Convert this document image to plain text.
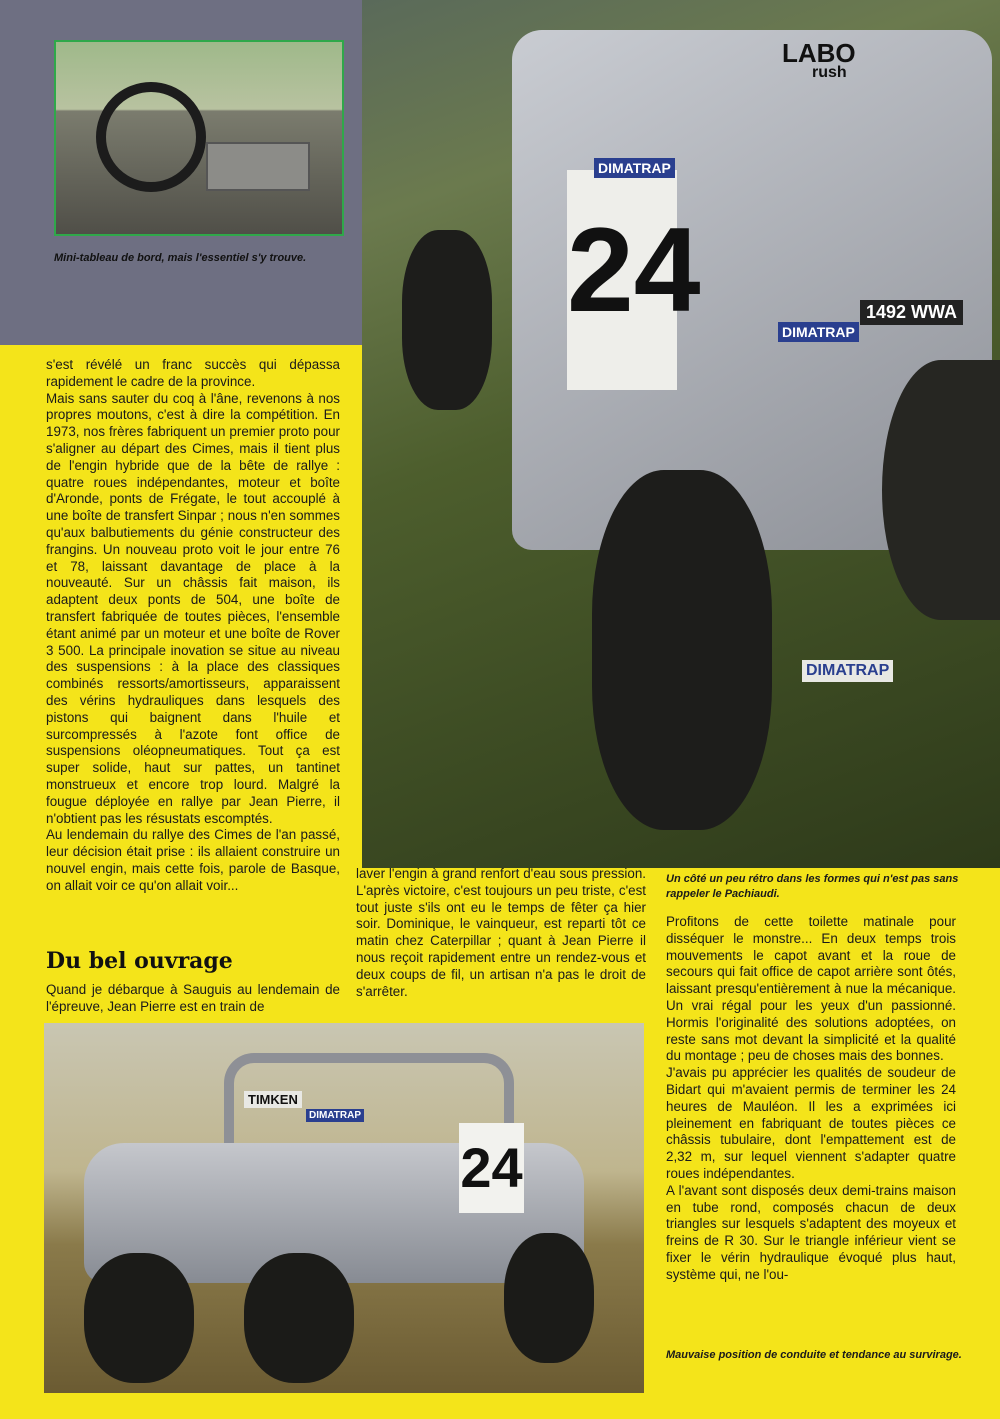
Mini-tableau de bord, mais l'essentiel s'y trouve.	24
LABO
rush
DIMATRAP
DIMATRAP
1492 WWA
DIMATRAP

s'est révélé un franc succès qui dépassa rapidement le cadre de la province.

Mais sans sauter du coq à l'âne, revenons à nos propres moutons, c'est à dire la compétition. En 1973, nos frères fabriquent un premier proto pour s'aligner au départ des Cimes, mais il tient plus de l'engin hybride que de la bête de rallye : quatre roues indépendantes, moteur et boîte d'Aronde, ponts de Frégate, le tout accouplé à une boîte de transfert Sinpar ; nous n'en sommes qu'aux balbutiements du génie constructeur des frangins. Un nouveau proto voit le jour entre 76 et 78, laissant davantage de place à la nouveauté. Sur un châssis fait maison, ils adaptent deux ponts de 504, une boîte de transfert fabriquée de toutes pièces, l'ensemble étant animé par un moteur et une boîte de Rover 3 500. La principale inovation se situe au niveau des suspensions : à la place des classiques combinés ressorts/amortisseurs, apparaissent des vérins hydrauliques dans lesquels des pistons qui baignent dans l'huile et surcompressés à l'azote font office de suspensions oléopneumatiques. Tout ça est super solide, haut sur pattes, un tantinet monstrueux et encore trop lourd. Malgré la fougue déployée en rallye par Jean Pierre, il n'obtient pas les résustats escomptés.

Au lendemain du rallye des Cimes de l'an passé, leur décision était prise : ils allaient construire un nouvel engin, mais cette fois, parole de Basque, on allait voir ce qu'on allait voir...

Du bel ouvrage
Quand je débarque à Sauguis au lendemain de l'épreuve, Jean Pierre est en train de
laver l'engin à grand renfort d'eau sous pression. L'après victoire, c'est toujours un peu triste, c'est tout juste s'ils ont eu le temps de fêter ça hier soir. Dominique, le vainqueur, est reparti tôt ce matin chez Caterpillar ; quant à Jean Pierre il nous reçoit rapidement entre un rendez-vous et deux coups de fil, un artisan n'a pas le droit de s'arrêter.
Un côté un peu rétro dans les formes qui n'est pas sans rappeler le Pachiaudi.

Profitons de cette toilette matinale pour disséquer le monstre... En deux temps trois mouvements le capot avant et la roue de secours qui fait office de capot arrière sont ôtés, laissant presqu'entièrement à nue la mécanique. Un vrai régal pour les yeux d'un passionné. Hormis l'originalité des solutions adoptées, on reste sans mot devant la simplicité et la qualité du montage ; peu de choses mais des bonnes.

J'avais pu apprécier les qualités de soudeur de Bidart qui m'avaient permis de terminer les 24 heures de Mauléon. Il les a exprimées ici pleinement en fabriquant de toutes pièces ce châssis tubulaire, dont l'empattement est de 2,32 m, sur lequel viennent s'adapter quatre roues indépendantes.

A l'avant sont disposés deux demi-trains maison en tube rond, composés chacun de deux triangles sur lesquels s'adaptent des moyeux et freins de R 30. Sur le triangle inférieur vient se fixer le vérin hydraulique évoqué plus haut, système qui, ne l'ou-

24
TIMKEN
DIMATRAP
Mauvaise position de conduite et tendance au survirage.
